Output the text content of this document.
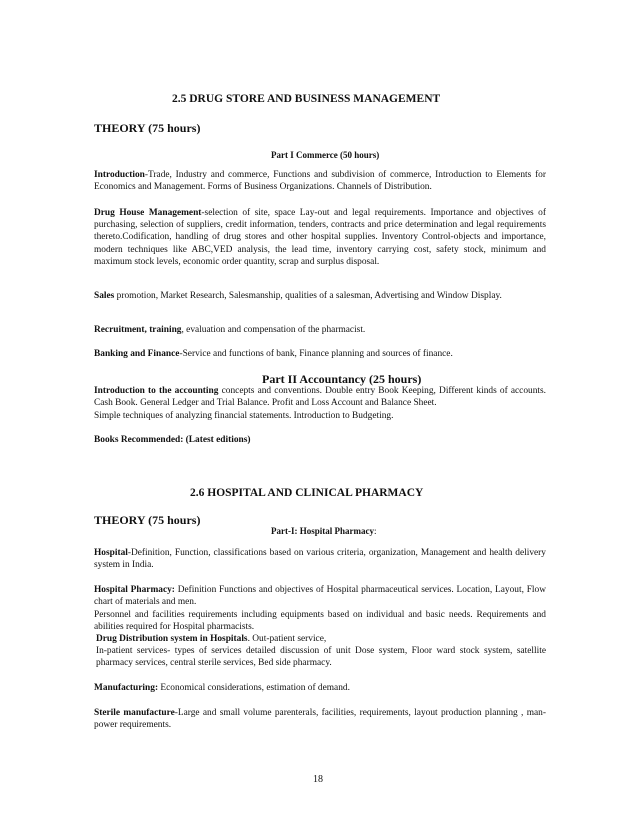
2.5 DRUG STORE AND BUSINESS MANAGEMENT
THEORY (75 hours)
Part I Commerce (50 hours)

Introduction-Trade, Industry and commerce, Functions and subdivision of commerce, Introduction to Elements for Economics and Management. Forms of Business Organizations. Channels of Distribution.

Drug House Management-selection of site, space Lay-out and legal requirements. Importance and objectives of purchasing, selection of suppliers, credit information, tenders, contracts and price determination and legal requirements thereto.Codification, handling of drug stores and other hospital supplies. Inventory Control-objects and importance, modern techniques like ABC,VED analysis, the lead time, inventory carrying cost, safety stock, minimum and maximum stock levels, economic order quantity, scrap and surplus disposal.

Sales promotion, Market Research, Salesmanship, qualities of a salesman, Advertising and Window Display.

Recruitment, training, evaluation and compensation of the pharmacist.

Banking and Finance-Service and functions of bank, Finance planning and sources of finance.

Part II Accountancy (25 hours)

Introduction to the accounting concepts and conventions. Double entry Book Keeping, Different kinds of accounts. Cash Book. General Ledger and Trial Balance. Profit and Loss Account and Balance Sheet.

Simple techniques of analyzing financial statements. Introduction to Budgeting.

Books Recommended: (Latest editions)

2.6 HOSPITAL AND CLINICAL PHARMACY
THEORY (75 hours)
Part-I: Hospital Pharmacy:

Hospital-Definition, Function, classifications based on various criteria, organization, Management and health delivery system in India.

Hospital Pharmacy: Definition Functions and objectives of Hospital pharmaceutical services. Location, Layout, Flow chart of materials and men.

Personnel and facilities requirements including equipments based on individual and basic needs. Requirements and abilities required for Hospital pharmacists.

Drug Distribution system in Hospitals. Out-patient service,

In-patient services- types of services detailed discussion of unit Dose system, Floor ward stock system, satellite pharmacy services, central sterile services, Bed side pharmacy.

Manufacturing: Economical considerations, estimation of demand.

Sterile manufacture-Large and small volume parenterals, facilities, requirements, layout production planning , man-power requirements.

18
